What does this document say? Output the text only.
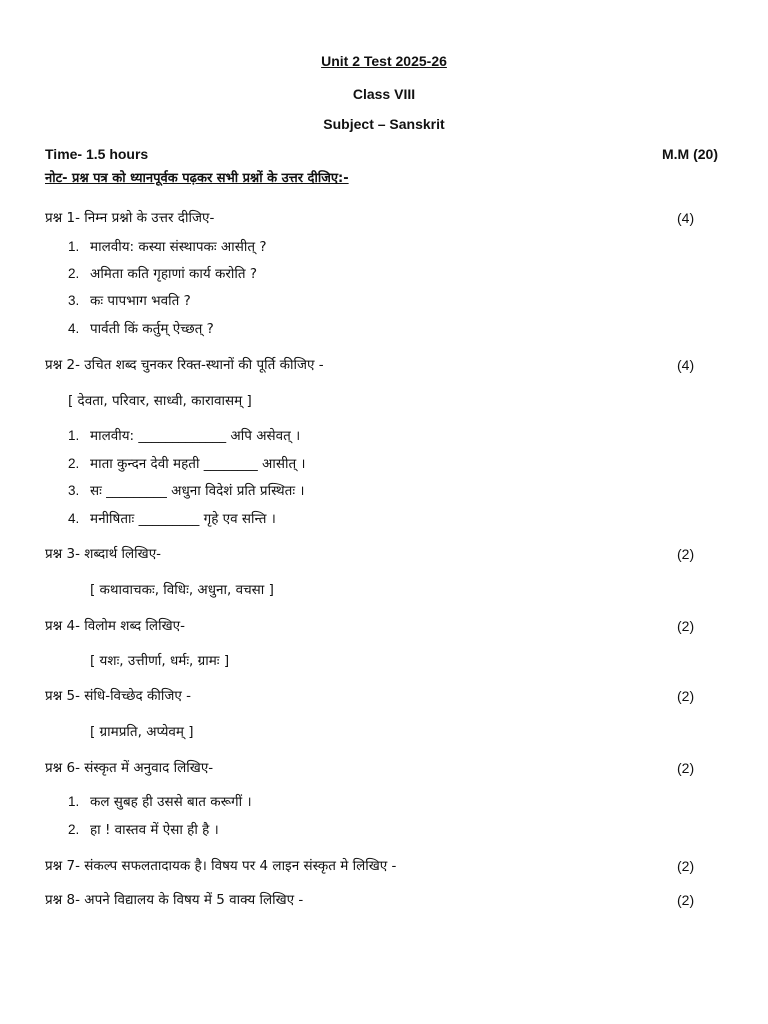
Unit 2 Test 2025-26
Class VIII
Subject – Sanskrit
Time- 1.5 hours	M.M (20)
नोट- प्रश्न पत्र को ध्यानपूर्वक पढ़कर सभी प्रश्नों के उत्तर दीजिए:-
प्रश्न 1- निम्न प्रश्नो के उत्तर दीजिए-	(4)
1. मालवीय: कस्या संस्थापकः आसीत् ?
2. अमिता कति गृहाणां कार्य करोति ?
3. कः पापभाग भवति ?
4. पार्वती किं कर्तुम् ऐच्छत् ?
प्रश्न 2- उचित शब्द चुनकर रिक्त-स्थानों की पूर्ति कीजिए -	(4)
[ देवता, परिवार, साध्वी, कारावासम् ]
1. मालवीय: _____________ अपि असेवत् ।
2. माता कुन्दन देवी महती ________ आसीत् ।
3. सः _________ अधुना विदेशं प्रति प्रस्थितः ।
4. मनीषिताः _________ गृहे एव सन्ति ।
प्रश्न 3- शब्दार्थ लिखिए-	(2)
[ कथावाचकः, विधिः, अधुना, वचसा ]
प्रश्न 4- विलोम शब्द लिखिए-	(2)
[ यशः, उत्तीर्णा, धर्मः, ग्रामः ]
प्रश्न 5- संधि-विच्छेद कीजिए -	(2)
[ ग्रामप्रति, अप्येवम् ]
प्रश्न 6- संस्कृत में अनुवाद लिखिए-	(2)
1. कल सुबह ही उससे बात करूगीं ।
2. हा ! वास्तव में ऐसा ही है ।
प्रश्न 7- संकल्प सफलतादायक है। विषय पर 4 लाइन संस्कृत मे लिखिए -	(2)
प्रश्न 8- अपने विद्यालय के विषय में 5 वाक्य लिखिए -	(2)
